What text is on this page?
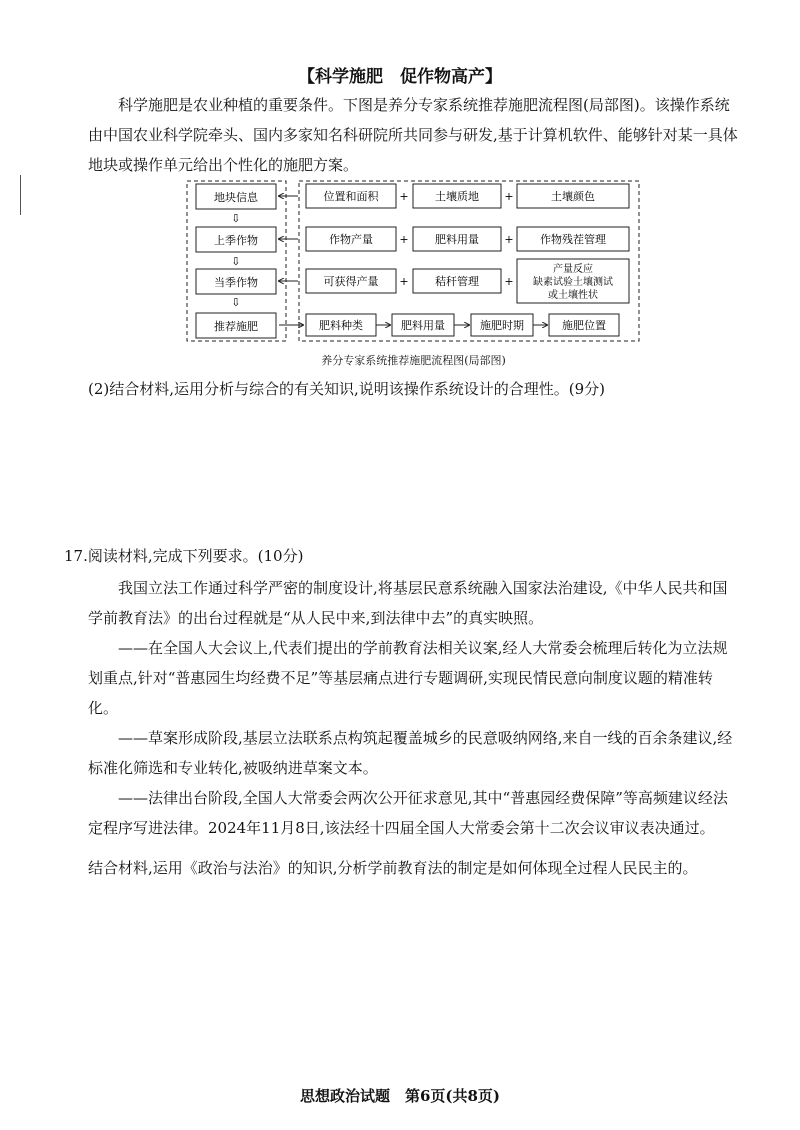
【科学施肥　促作物高产】
科学施肥是农业种植的重要条件。下图是养分专家系统推荐施肥流程图(局部图)。该操作系统由中国农业科学院牵头、国内多家知名科研院所共同参与研发,基于计算机软件、能够针对某一具体地块或操作单元给出个性化的施肥方案。
地块信息
⇩
上季作物
⇩
当季作物
⇩
推荐施肥
位置和面积 + 土壤质地 +	土壤颜色
作物产量 + 肥料用量 + 作物残茬管理
可获得产量 + 秸秆管理 +
产量反应
缺素试验土壤测试
或土壤性状
肥料种类	肥料用量	施肥时期	施肥位置
养分专家系统推荐施肥流程图(局部图)
(2)结合材料,运用分析与综合的有关知识,说明该操作系统设计的合理性。(9分)
17.阅读材料,完成下列要求。(10分)
我国立法工作通过科学严密的制度设计,将基层民意系统融入国家法治建设,《中华人民共和国学前教育法》的出台过程就是“从人民中来,到法律中去”的真实映照。
——在全国人大会议上,代表们提出的学前教育法相关议案,经人大常委会梳理后转化为立法规划重点,针对“普惠园生均经费不足”等基层痛点进行专题调研,实现民情民意向制度议题的精准转化。
——草案形成阶段,基层立法联系点构筑起覆盖城乡的民意吸纳网络,来自一线的百余条建议,经标准化筛选和专业转化,被吸纳进草案文本。
——法律出台阶段,全国人大常委会两次公开征求意见,其中“普惠园经费保障”等高频建议经法定程序写进法律。2024年11月8日,该法经十四届全国人大常委会第十二次会议审议表决通过。
结合材料,运用《政治与法治》的知识,分析学前教育法的制定是如何体现全过程人民民主的。
思想政治试题　第6页(共8页)
